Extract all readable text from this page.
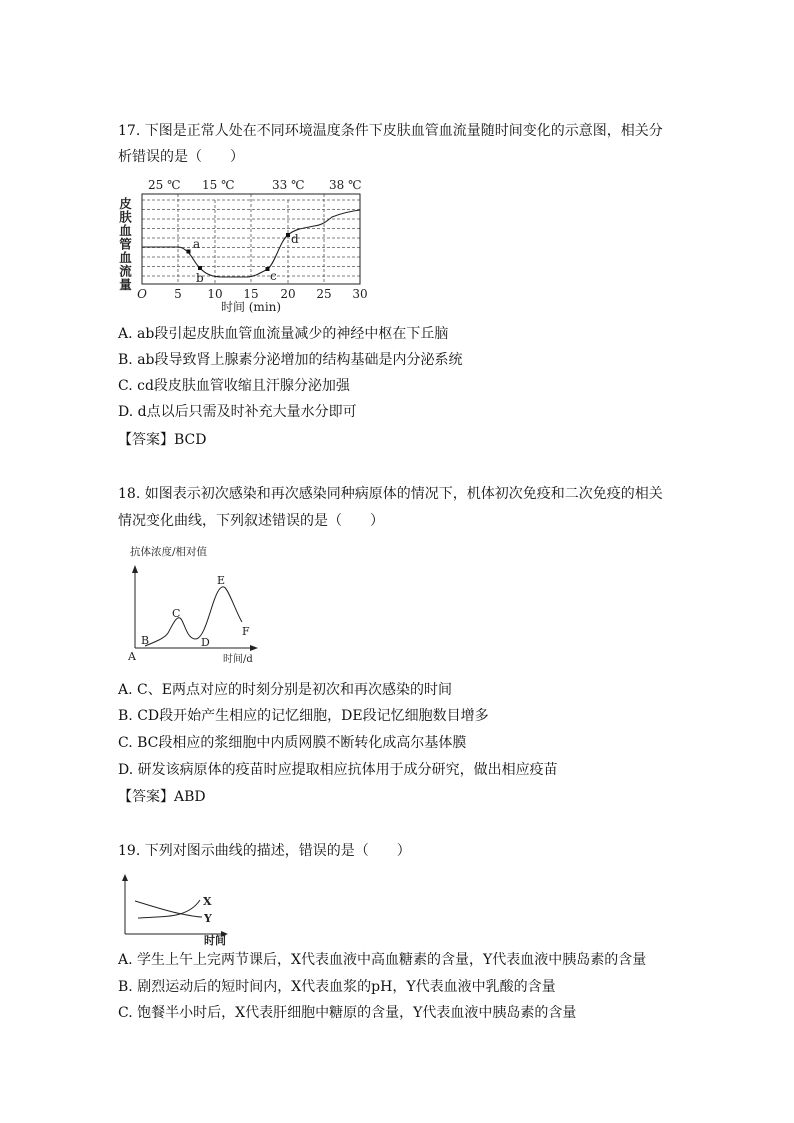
17. 下图是正常人处在不同环境温度条件下皮肤血管血流量随时间变化的示意图，相关分
析错误的是（　　）
a
b	c
d
25 ℃ 15 ℃	33 ℃ 38 ℃
O 5 10 15 20 25 30
时间 (min)
皮肤血管血流量
A. ab段引起皮肤血管血流量减少的神经中枢在下丘脑
B. ab段导致肾上腺素分泌增加的结构基础是内分泌系统
C. cd段皮肤血管收缩且汗腺分泌加强
D. d点以后只需及时补充大量水分即可
【答案】BCD
18. 如图表示初次感染和再次感染同种病原体的情况下，机体初次免疫和二次免疫的相关
情况变化曲线，下列叙述错误的是（　　）
抗体浓度/相对值
A
B
C
D
E
F
时间/d
A. C、E两点对应的时刻分别是初次和再次感染的时间
B. CD段开始产生相应的记忆细胞，DE段记忆细胞数目增多
C. BC段相应的浆细胞中内质网膜不断转化成高尔基体膜
D. 研发该病原体的疫苗时应提取相应抗体用于成分研究，做出相应疫苗
【答案】ABD
19. 下列对图示曲线的描述，错误的是（　　）
X
Y
时间
A. 学生上午上完两节课后，X代表血液中高血糖素的含量，Y代表血液中胰岛素的含量
B. 剧烈运动后的短时间内，X代表血浆的pH，Y代表血液中乳酸的含量
C. 饱餐半小时后，X代表肝细胞中糖原的含量，Y代表血液中胰岛素的含量
